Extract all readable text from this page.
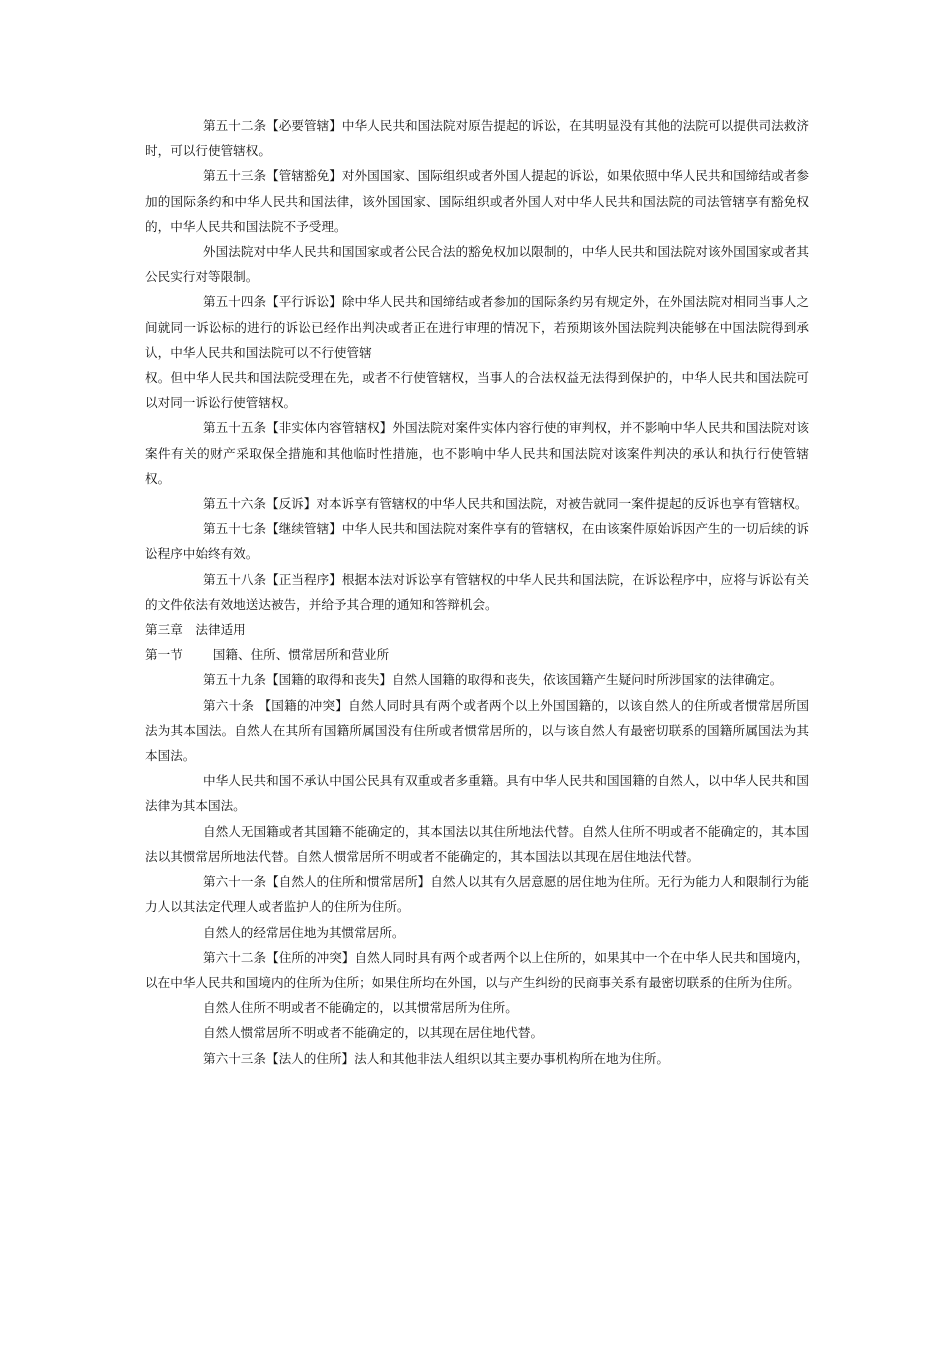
第五十二条【必要管辖】中华人民共和国法院对原告提起的诉讼，在其明显没有其他的法院可以提供司法救济时，可以行使管辖权。

第五十三条【管辖豁免】对外国国家、国际组织或者外国人提起的诉讼，如果依照中华人民共和国缔结或者参加的国际条约和中华人民共和国法律，该外国国家、国际组织或者外国人对中华人民共和国法院的司法管辖享有豁免权的，中华人民共和国法院不予受理。

外国法院对中华人民共和国国家或者公民合法的豁免权加以限制的，中华人民共和国法院对该外国国家或者其公民实行对等限制。

第五十四条【平行诉讼】除中华人民共和国缔结或者参加的国际条约另有规定外，在外国法院对相同当事人之间就同一诉讼标的进行的诉讼已经作出判决或者正在进行审理的情况下，若预期该外国法院判决能够在中国法院得到承认，中华人民共和国法院可以不行使管辖

权。但中华人民共和国法院受理在先，或者不行使管辖权，当事人的合法权益无法得到保护的，中华人民共和国法院可以对同一诉讼行使管辖权。

第五十五条【非实体内容管辖权】外国法院对案件实体内容行使的审判权，并不影响中华人民共和国法院对该案件有关的财产采取保全措施和其他临时性措施，也不影响中华人民共和国法院对该案件判决的承认和执行行使管辖权。

第五十六条【反诉】对本诉享有管辖权的中华人民共和国法院，对被告就同一案件提起的反诉也享有管辖权。

第五十七条【继续管辖】中华人民共和国法院对案件享有的管辖权，在由该案件原始诉因产生的一切后续的诉讼程序中始终有效。

第五十八条【正当程序】根据本法对诉讼享有管辖权的中华人民共和国法院，在诉讼程序中，应将与诉讼有关的文件依法有效地送达被告，并给予其合理的通知和答辩机会。

第三章　法律适用
第一节 国籍、住所、惯常居所和营业所

第五十九条【国籍的取得和丧失】自然人国籍的取得和丧失，依该国籍产生疑问时所涉国家的法律确定。

第六十条 【国籍的冲突】自然人同时具有两个或者两个以上外国国籍的，以该自然人的住所或者惯常居所国法为其本国法。自然人在其所有国籍所属国没有住所或者惯常居所的，以与该自然人有最密切联系的国籍所属国法为其本国法。

中华人民共和国不承认中国公民具有双重或者多重籍。具有中华人民共和国国籍的自然人，以中华人民共和国法律为其本国法。

自然人无国籍或者其国籍不能确定的，其本国法以其住所地法代替。自然人住所不明或者不能确定的，其本国法以其惯常居所地法代替。自然人惯常居所不明或者不能确定的，其本国法以其现在居住地法代替。

第六十一条【自然人的住所和惯常居所】自然人以其有久居意愿的居住地为住所。无行为能力人和限制行为能力人以其法定代理人或者监护人的住所为住所。

自然人的经常居住地为其惯常居所。

第六十二条【住所的冲突】自然人同时具有两个或者两个以上住所的，如果其中一个在中华人民共和国境内，以在中华人民共和国境内的住所为住所；如果住所均在外国，以与产生纠纷的民商事关系有最密切联系的住所为住所。

自然人住所不明或者不能确定的，以其惯常居所为住所。

自然人惯常居所不明或者不能确定的，以其现在居住地代替。

第六十三条【法人的住所】法人和其他非法人组织以其主要办事机构所在地为住所。
